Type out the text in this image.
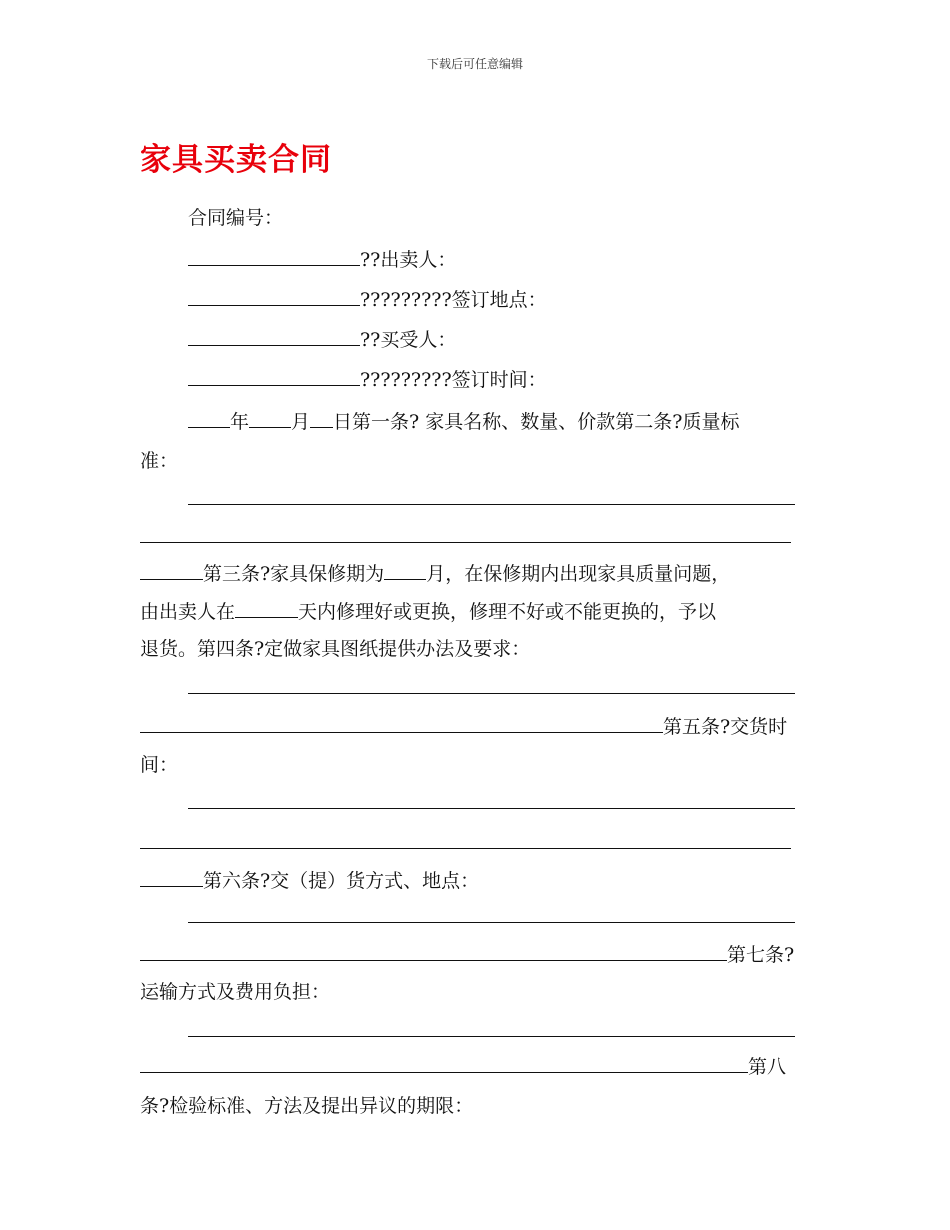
下载后可任意编辑
家具买卖合同
合同编号：
??出卖人：
?????????签订地点：
??买受人：
?????????签订时间：
年 月 日第一条? 家具名称、数量、价款第二条?质量标
准：
第三条?家具保修期为 月，在保修期内出现家具质量问题，
由出卖人在	天内修理好或更换，修理不好或不能更换的，予以
退货。第四条?定做家具图纸提供办法及要求：
第五条?交货时
间：
第六条?交（提）货方式、地点：
第七条?
运输方式及费用负担：
第八
条?检验标准、方法及提出异议的期限：
